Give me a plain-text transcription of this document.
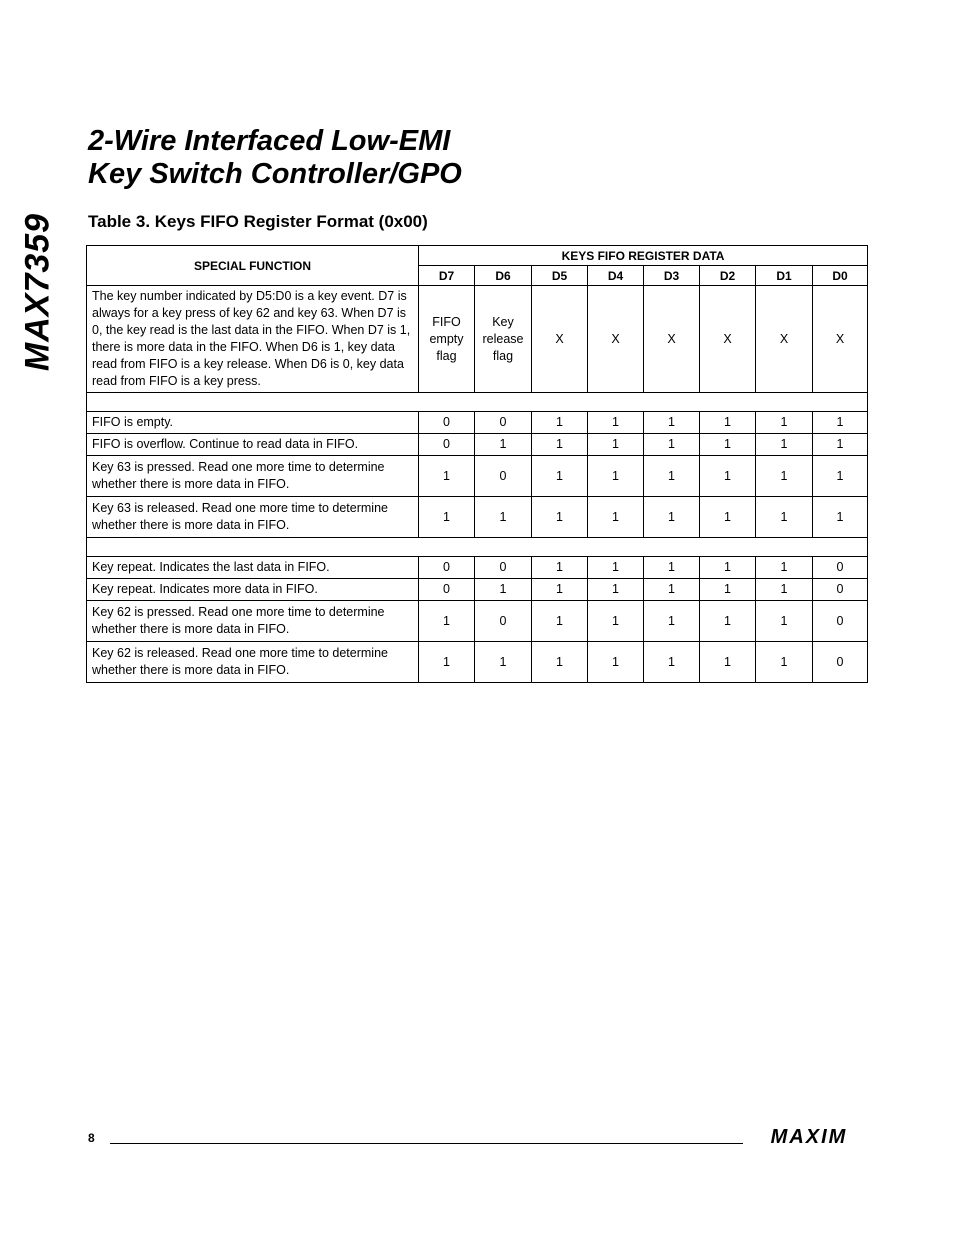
MAX7359
2-Wire Interfaced Low-EMI
Key Switch Controller/GPO
Table 3. Keys FIFO Register Format (0x00)
SPECIAL FUNCTION	KEYS FIFO REGISTER DATA							
	D7	D6	D5	D4	D3	D2	D1	D0
The key number indicated by D5:D0 is a key event. D7 is always for a key press of key 62 and key 63. When D7 is 0, the key read is the last data in the FIFO. When D7 is 1, there is more data in the FIFO. When D6 is 1, key data read from FIFO is a key release. When D6 is 0, key data read from FIFO is a key press.	FIFO empty flag	Key release flag	X	X	X	X	X	X

FIFO is empty.	0	0	1	1	1	1	1	1
FIFO is overflow. Continue to read data in FIFO.	0	1	1	1	1	1	1	1
Key 63 is pressed. Read one more time to determine whether there is more data in FIFO.	1	0	1	1	1	1	1	1
Key 63 is released. Read one more time to determine whether there is more data in FIFO.	1	1	1	1	1	1	1	1

Key repeat. Indicates the last data in FIFO.	0	0	1	1	1	1	1	0
Key repeat. Indicates more data in FIFO.	0	1	1	1	1	1	1	0
Key 62 is pressed. Read one more time to determine whether there is more data in FIFO.	1	0	1	1	1	1	1	0
Key 62 is released. Read one more time to determine whether there is more data in FIFO.	1	1	1	1	1	1	1	0
8	MAXIM
